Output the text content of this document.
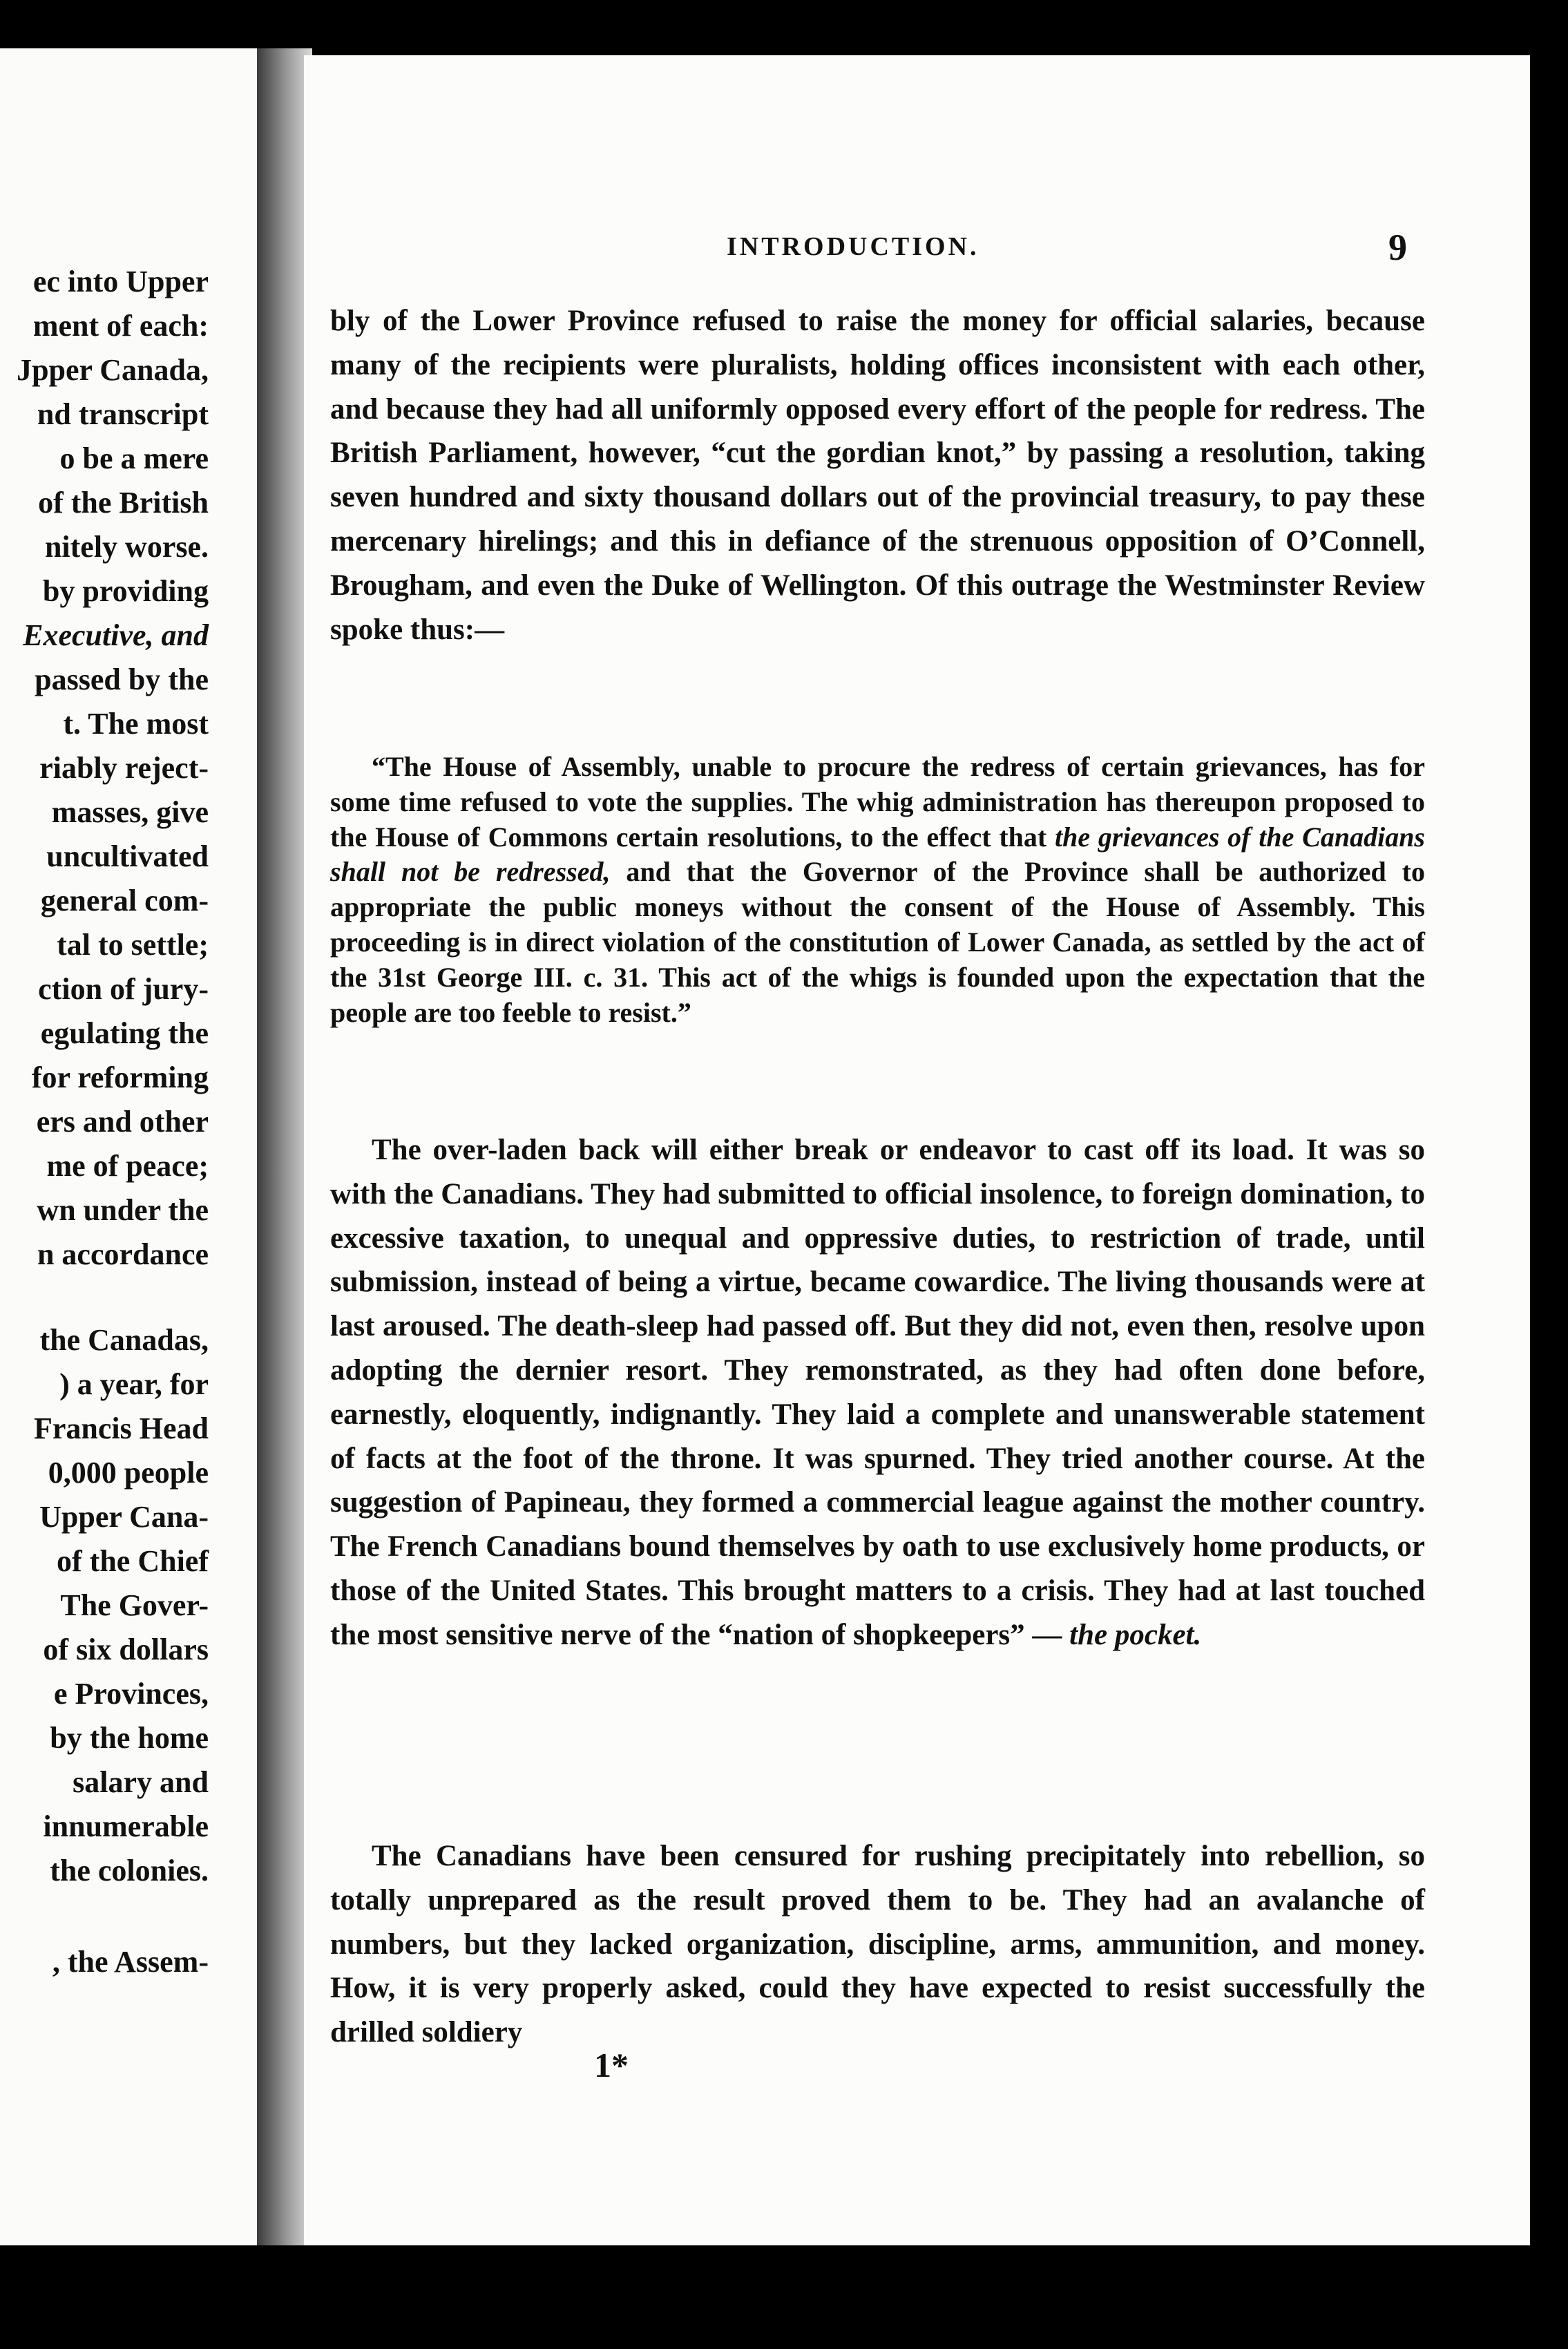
ec into Upper
ment of each:
Jpper Canada,
nd transcript
o be a mere
of the British
nitely worse.
by providing
Executive, and
passed by the
t. The most
riably reject-
masses, give
uncultivated
general com-
tal to settle;
ction of jury-
egulating the
for reforming
ers and other
me of peace;
wn under the
n accordance
the Canadas,
) a year, for
Francis Head
0,000 people
Upper Cana-
of the Chief
The Gover-
of six dollars
e Provinces,
by the home
salary and
innumerable
the colonies.
, the Assem-
INTRODUCTION.	9

bly of the Lower Province refused to raise the money for official salaries, because many of the recipients were pluralists, holding offices inconsistent with each other, and because they had all uniformly opposed every effort of the people for redress. The British Parliament, however, “cut the gordian knot,” by passing a resolution, taking seven hundred and sixty thousand dollars out of the provincial treasury, to pay these mercenary hirelings; and this in defiance of the strenuous opposition of O’Connell, Brougham, and even the Duke of Wellington. Of this outrage the Westminster Review spoke thus:—

“The House of Assembly, unable to procure the redress of certain grievances, has for some time refused to vote the supplies. The whig administration has thereupon proposed to the House of Commons certain resolutions, to the effect that the grievances of the Canadians shall not be redressed, and that the Governor of the Province shall be authorized to appropriate the public moneys without the consent of the House of Assembly. This proceeding is in direct violation of the constitution of Lower Canada, as settled by the act of the 31st George III. c. 31. This act of the whigs is founded upon the expectation that the people are too feeble to resist.”

The over-laden back will either break or endeavor to cast off its load. It was so with the Canadians. They had submitted to official insolence, to foreign domination, to excessive taxation, to unequal and oppressive duties, to restriction of trade, until submission, instead of being a virtue, became cowardice. The living thousands were at last aroused. The death-sleep had passed off. But they did not, even then, resolve upon adopting the dernier resort. They remonstrated, as they had often done before, earnestly, eloquently, indignantly. They laid a complete and unanswerable statement of facts at the foot of the throne. It was spurned. They tried another course. At the suggestion of Papineau, they formed a commercial league against the mother country. The French Canadians bound themselves by oath to use exclusively home products, or those of the United States. This brought matters to a crisis. They had at last touched the most sensitive nerve of the “nation of shopkeepers” — the pocket.

The Canadians have been censured for rushing precipitately into rebellion, so totally unprepared as the result proved them to be. They had an avalanche of numbers, but they lacked organization, discipline, arms, ammunition, and money. How, it is very properly asked, could they have expected to resist successfully the drilled soldiery

1*
